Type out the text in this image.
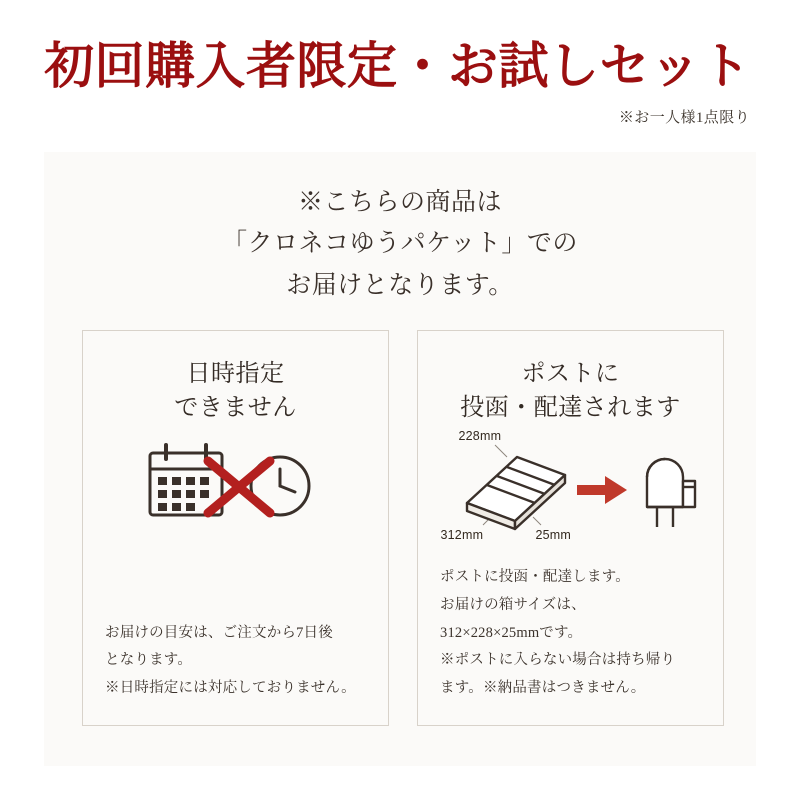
初回購入者限定・お試しセット
※お一人様1点限り
※こちらの商品は
「クロネコゆうパケット」での
お届けとなります。
日時指定
できません
お届けの目安は、ご注文から7日後
となります。
※日時指定には対応しておりません。
ポストに
投函・配達されます
228mm
312mm	25mm
ポストに投函・配達します。
お届けの箱サイズは、
312×228×25mmです。
※ポストに入らない場合は持ち帰り
ます。※納品書はつきません。
